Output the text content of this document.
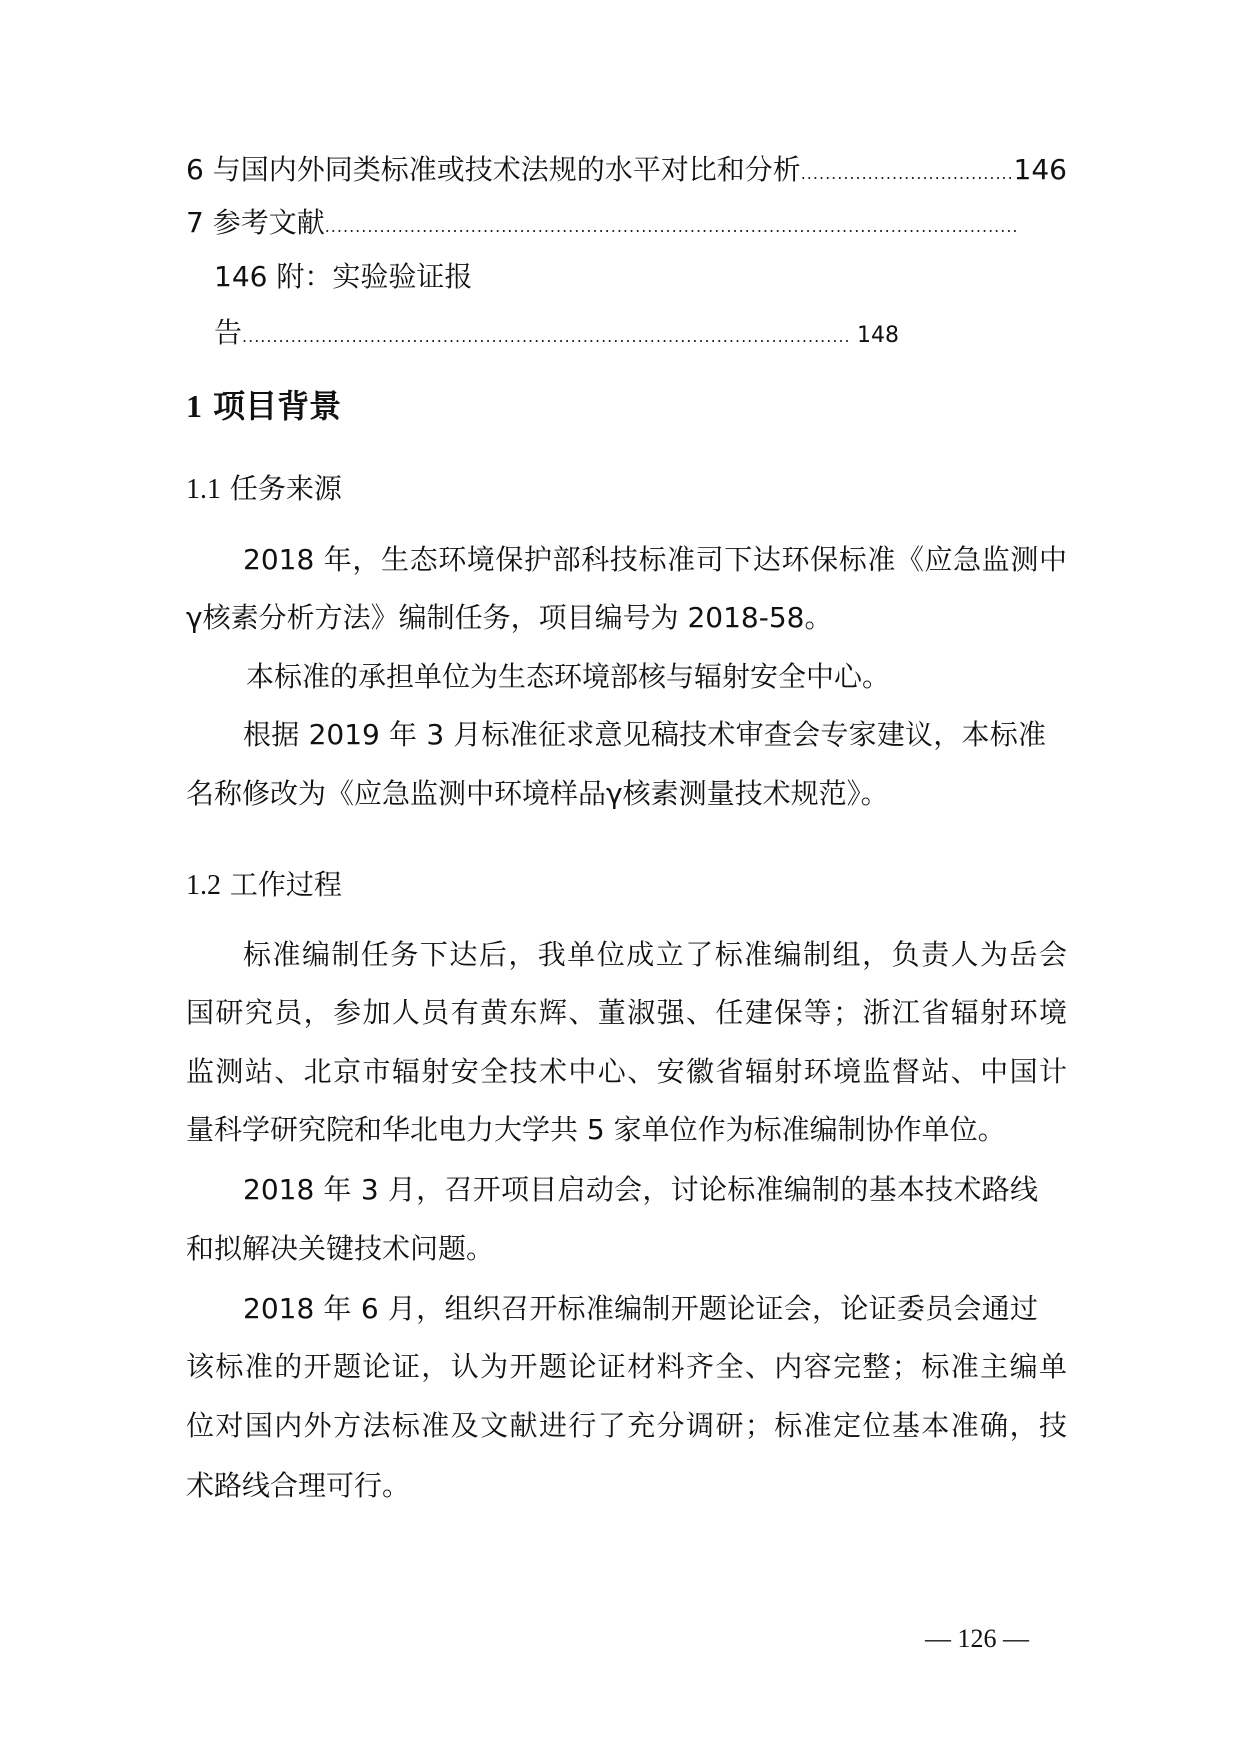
6 与国内外同类标准或技术法规的水平对比和分析 .....	146
7 参考文献
.....
146 附：实验验证报
告 .....	148
1 项目背景
1.1 任务来源
2018 年，生态环境保护部科技标准司下达环保标准《应急监测中
γ核素分析方法》编制任务，项目编号为 2018-58。
本标准的承担单位为生态环境部核与辐射安全中心。
根据 2019 年 3 月标准征求意见稿技术审查会专家建议，本标准
名称修改为《应急监测中环境样品γ核素测量技术规范》。
1.2 工作过程
标准编制任务下达后，我单位成立了标准编制组，负责人为岳会
国研究员，参加人员有黄东辉、董淑强、任建保等；浙江省辐射环境
监测站、北京市辐射安全技术中心、安徽省辐射环境监督站、中国计
量科学研究院和华北电力大学共 5 家单位作为标准编制协作单位。
2018 年 3 月，召开项目启动会，讨论标准编制的基本技术路线
和拟解决关键技术问题。
2018 年 6 月，组织召开标准编制开题论证会，论证委员会通过
该标准的开题论证，认为开题论证材料齐全、内容完整；标准主编单
位对国内外方法标准及文献进行了充分调研；标准定位基本准确，技
术路线合理可行。
— 126 —
